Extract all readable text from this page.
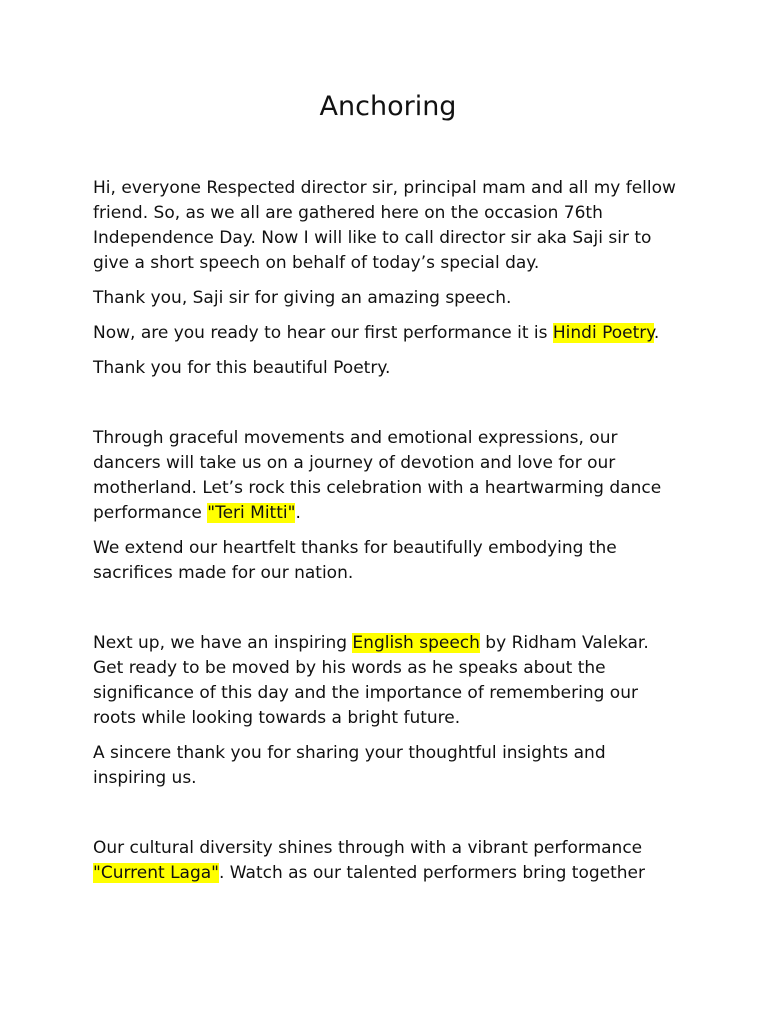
Anchoring

Hi, everyone Respected director sir, principal mam and all my fellow friend. So, as we all are gathered here on the occasion 76th Independence Day. Now I will like to call director sir aka Saji sir to give a short speech on behalf of today’s special day.

Thank you, Saji sir for giving an amazing speech.

Now, are you ready to hear our first performance it is Hindi Poetry.

Thank you for this beautiful Poetry.

Through graceful movements and emotional expressions, our dancers will take us on a journey of devotion and love for our motherland. Let’s rock this celebration with a heartwarming dance performance "Teri Mitti".

We extend our heartfelt thanks for beautifully embodying the sacrifices made for our nation.

Next up, we have an inspiring English speech by Ridham Valekar. Get ready to be moved by his words as he speaks about the significance of this day and the importance of remembering our roots while looking towards a bright future.

A sincere thank you for sharing your thoughtful insights and inspiring us.

Our cultural diversity shines through with a vibrant performance "Current Laga". Watch as our talented performers bring together
